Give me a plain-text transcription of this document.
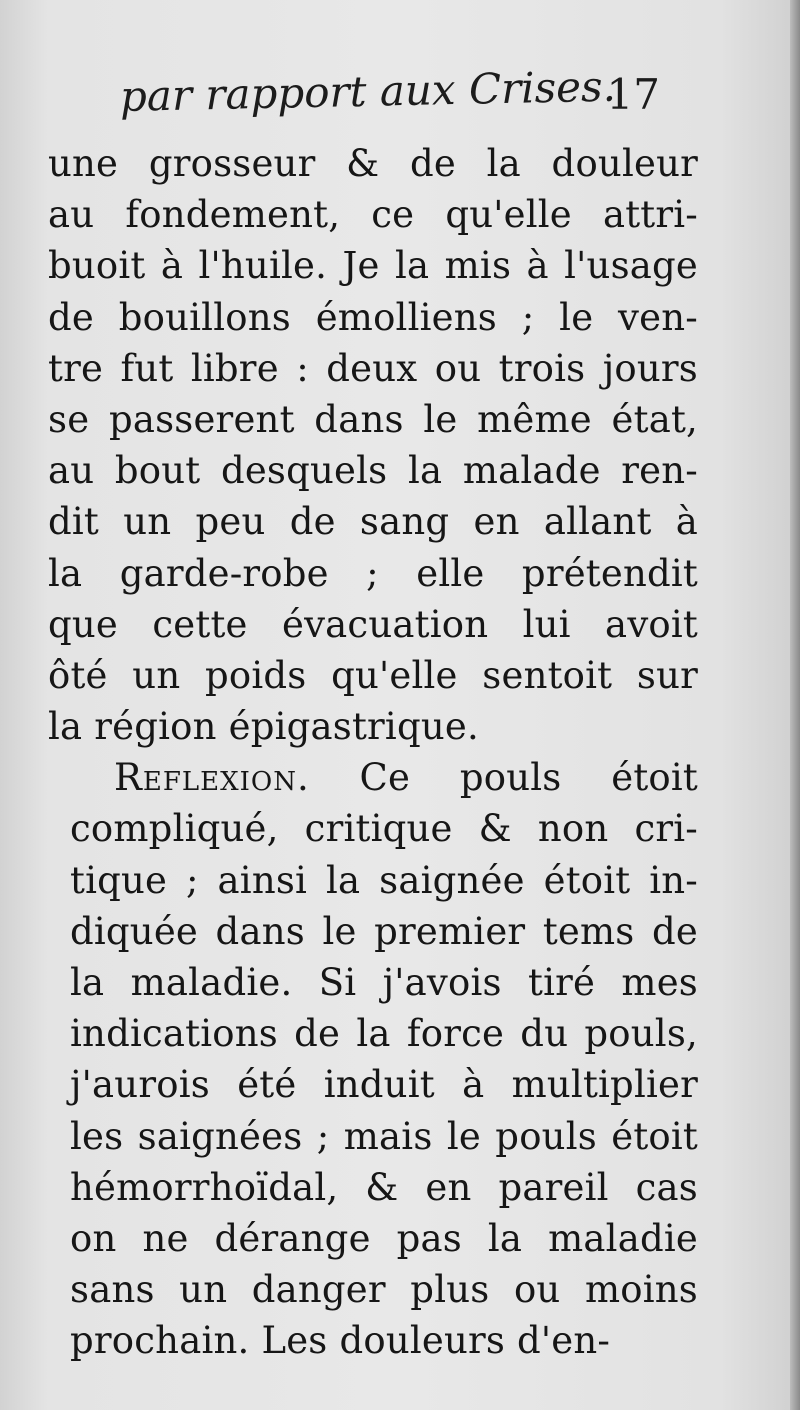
par rapport aux Crises.
17
une grosseur & de la douleur
au fondement, ce qu'elle attri-
buoit à l'huile. Je la mis à l'usage
de bouillons émolliens ; le ven-
tre fut libre : deux ou trois jours
se passerent dans le même état,
au bout desquels la malade ren-
dit un peu de sang en allant à
la garde-robe ; elle prétendit
que cette évacuation lui avoit
ôté un poids qu'elle sentoit sur
la région épigastrique.
Reflexion. Ce pouls étoit
compliqué, critique & non cri-
tique ; ainsi la saignée étoit in-
diquée dans le premier tems de
la maladie. Si j'avois tiré mes
indications de la force du pouls,
j'aurois été induit à multiplier
les saignées ; mais le pouls étoit
hémorrhoïdal, & en pareil cas
on ne dérange pas la maladie
sans un danger plus ou moins
prochain. Les douleurs d'en-
